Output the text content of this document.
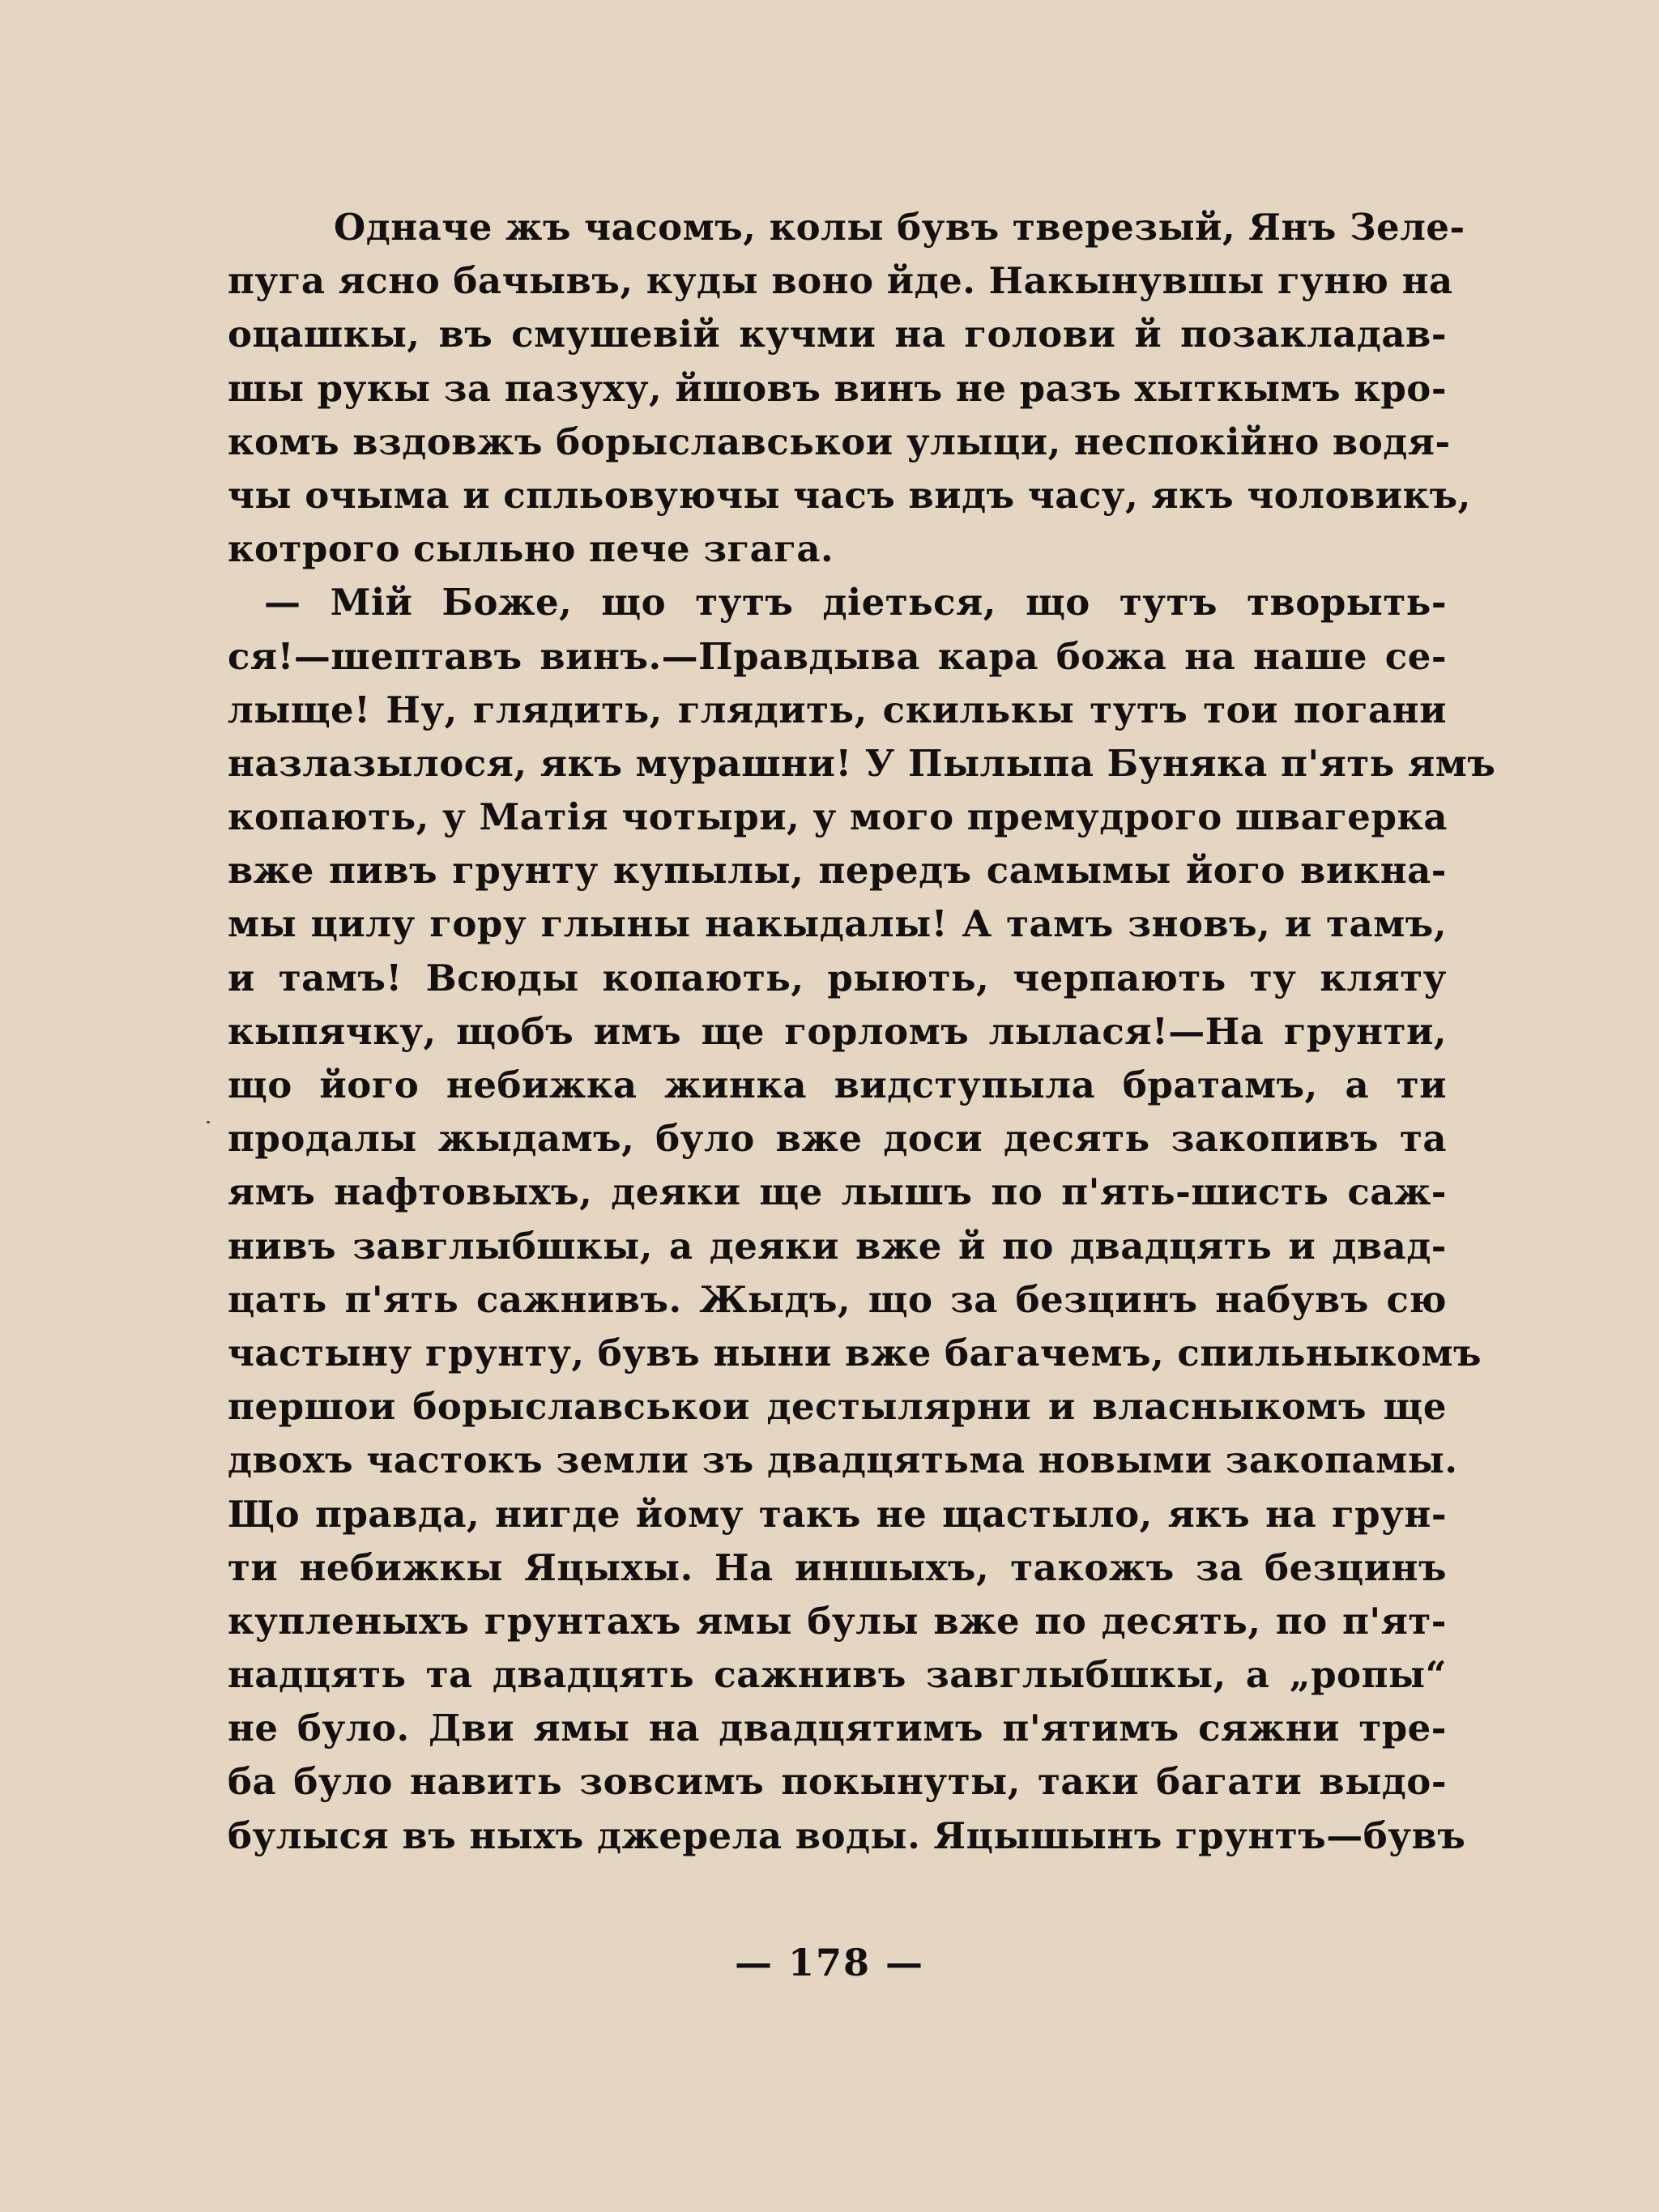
Одначе жъ часомъ, колы бувъ тверезый, Янъ Зеле-
пуга ясно бачывъ, куды воно йде. Накынувшы гуню на
оцашкы, въ смушевій кучми на голови й позакладав-
шы рукы за пазуху, йшовъ винъ не разъ хыткымъ кро-
комъ вздовжъ борыславськои улыци, неспокійно водя-
чы очыма и спльовуючы часъ видъ часу, якъ чоловикъ,
котрого сыльно пече згага.
— Мій Боже, що тутъ діеться, що тутъ творыть-
ся!—шептавъ винъ.—Правдыва кара божа на наше се-
лыще! Ну, глядить, глядить, скилькы тутъ тои погани
назлазылося, якъ мурашни! У Пылыпа Буняка п'ять ямъ
копають, у Матія чотыри, у мого премудрого швагерка
вже пивъ грунту купылы, передъ самымы його викна-
мы цилу гору глыны накыдалы! А тамъ зновъ, и тамъ,
и тамъ! Всюды копають, рыють, черпають ту кляту
кыпячку, щобъ имъ ще горломъ лылася!—На грунти,
що його небижка жинка видступыла братамъ, а ти
продалы жыдамъ, було вже доси десять закопивъ та
ямъ нафтовыхъ, деяки ще лышъ по п'ять-шисть саж-
нивъ завглыбшкы, а деяки вже й по двадцять и двад-
цать п'ять сажнивъ. Жыдъ, що за безцинъ набувъ сю
частыну грунту, бувъ ныни вже багачемъ, спильныкомъ
першои борыславськои дестылярни и власныкомъ ще
двохъ частокъ земли зъ двадцятьма новыми закопамы.
Що правда, нигде йому такъ не щастыло, якъ на грун-
ти небижкы Яцыхы. На иншыхъ, такожъ за безцинъ
купленыхъ грунтахъ ямы булы вже по десять, по п'ят-
надцять та двадцять сажнивъ завглыбшкы, а „ропы“
не було. Дви ямы на двадцятимъ п'ятимъ сяжни тре-
ба було навить зовсимъ покынуты, таки багати выдо-
булыся въ ныхъ джерела воды. Яцышынъ грунтъ—бувъ
— 178 —
